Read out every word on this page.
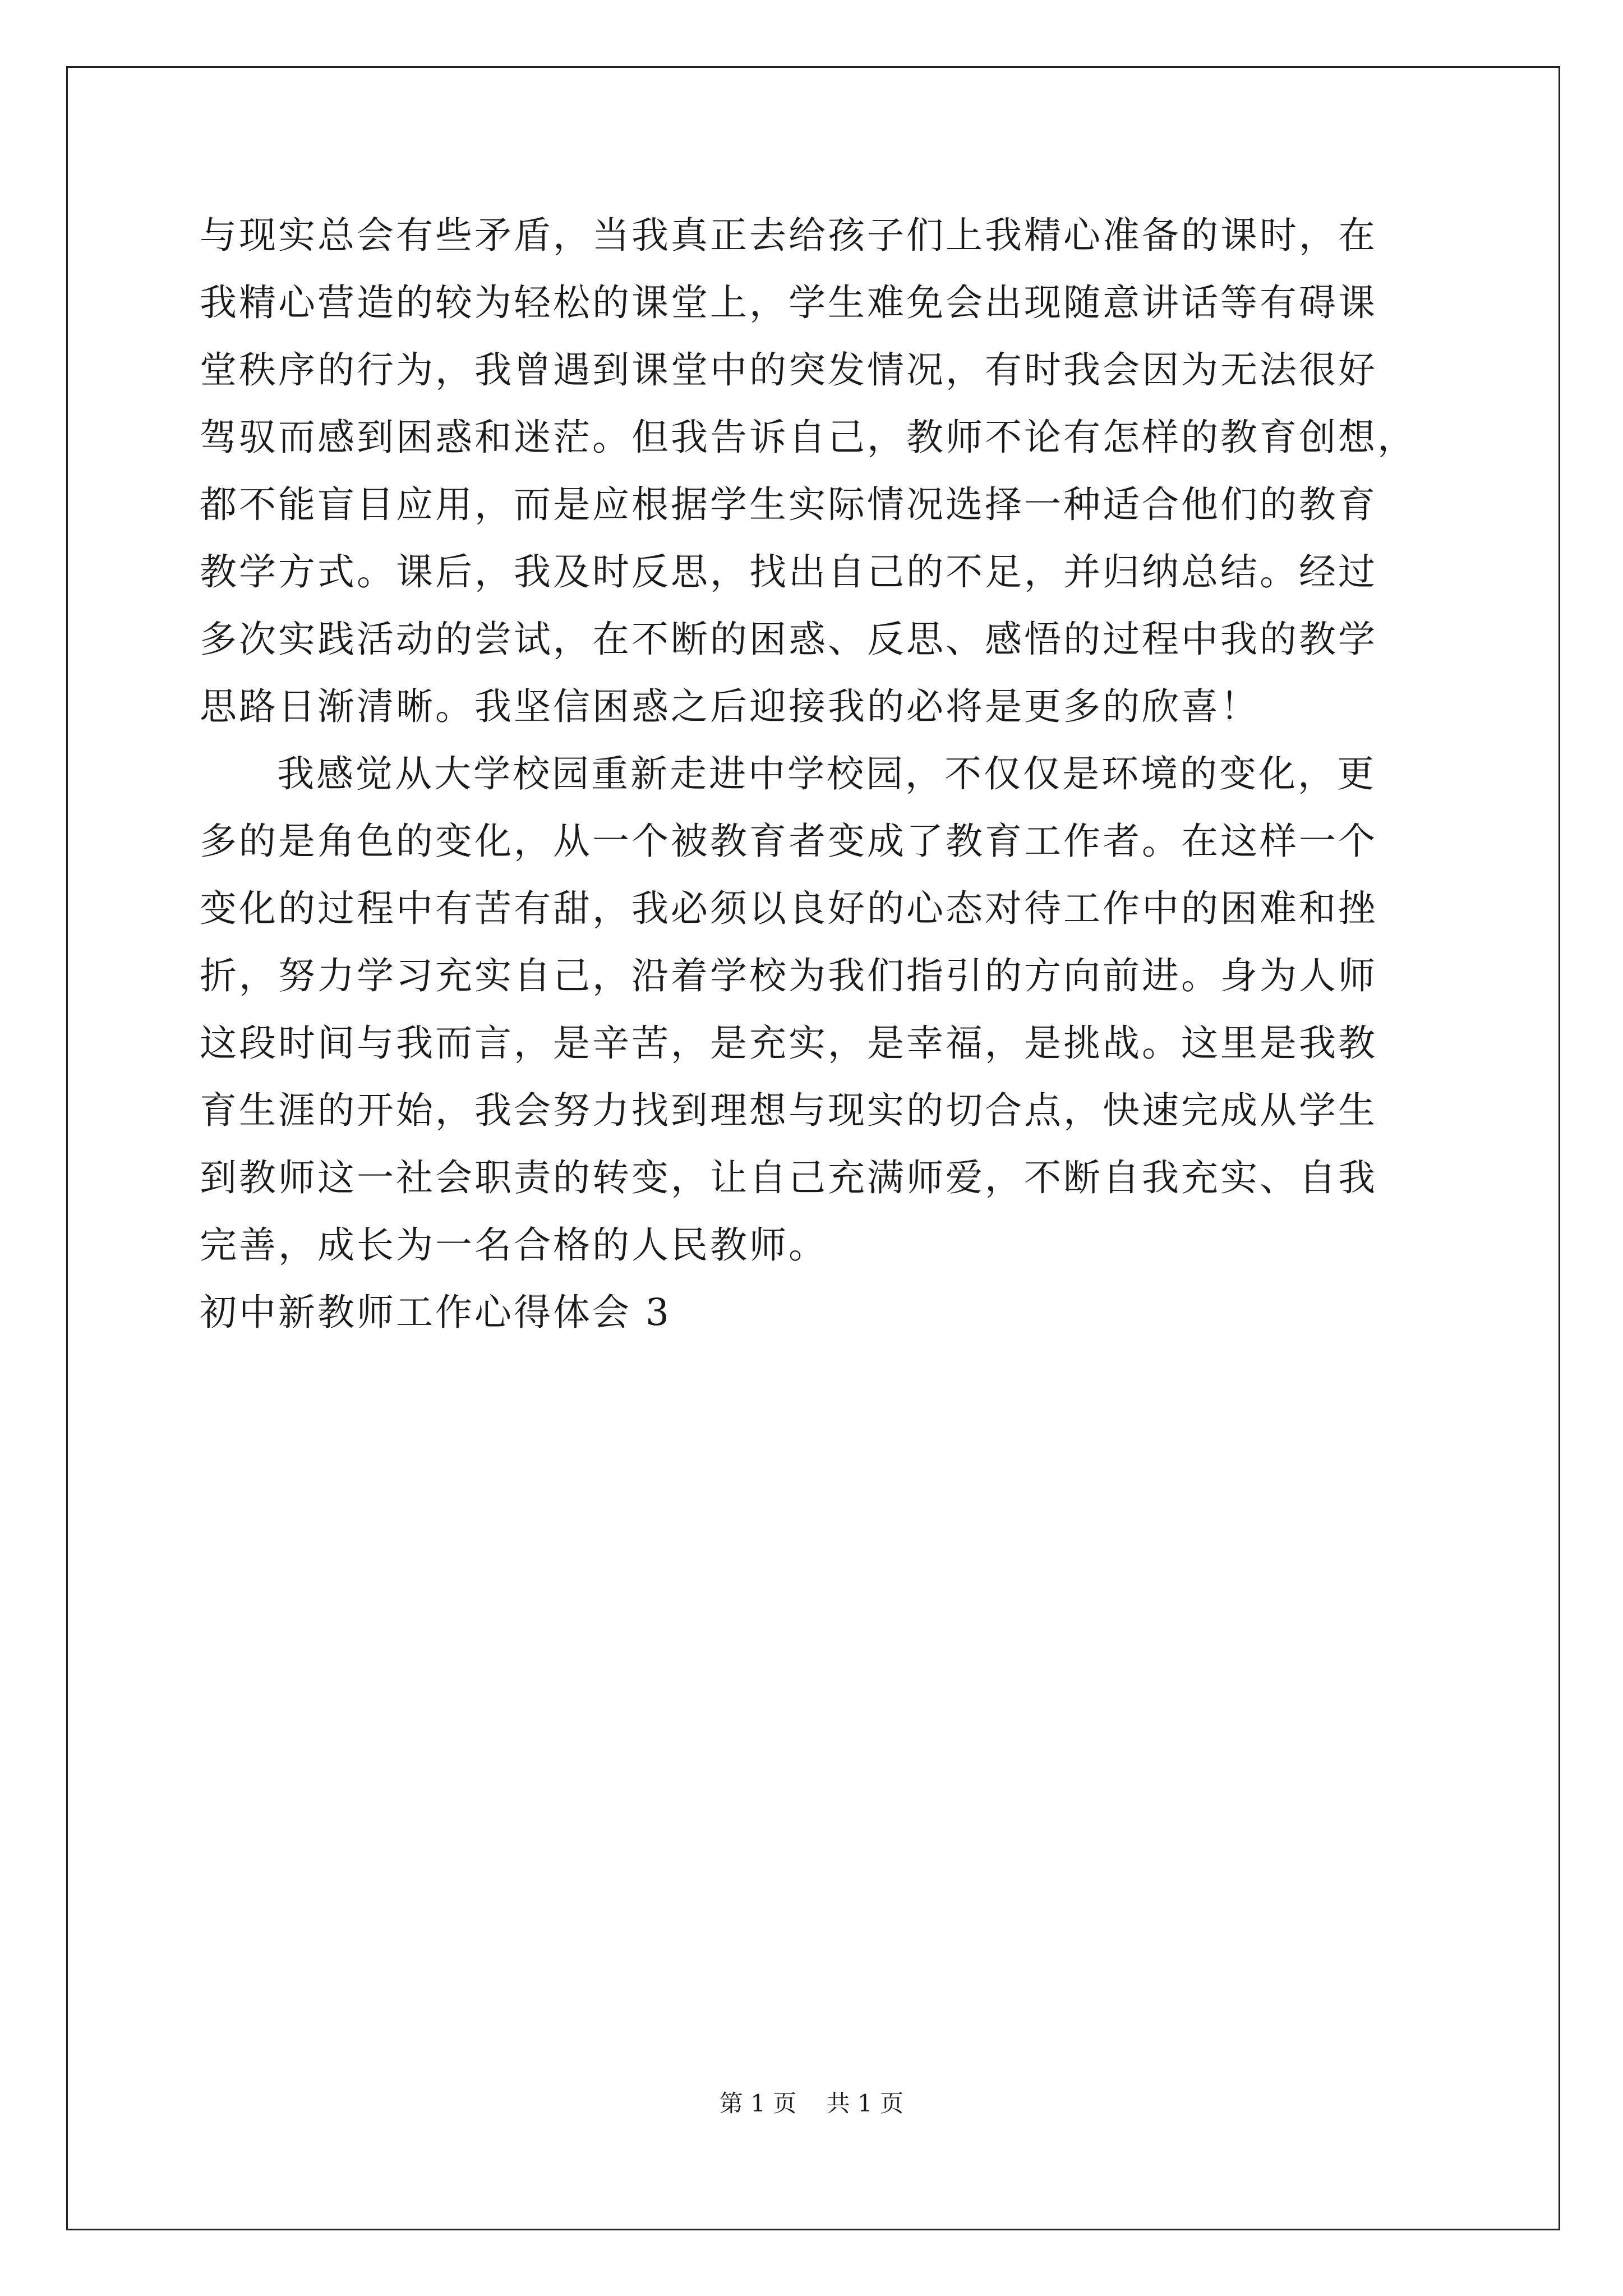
与现实总会有些矛盾，当我真正去给孩子们上我精心准备的课时，在

我精心营造的较为轻松的课堂上，学生难免会出现随意讲话等有碍课

堂秩序的行为，我曾遇到课堂中的突发情况，有时我会因为无法很好

驾驭而感到困惑和迷茫。但我告诉自己，教师不论有怎样的教育创想，

都不能盲目应用，而是应根据学生实际情况选择一种适合他们的教育

教学方式。课后，我及时反思，找出自己的不足，并归纳总结。经过

多次实践活动的尝试，在不断的困惑、反思、感悟的过程中我的教学

思路日渐清晰。我坚信困惑之后迎接我的必将是更多的欣喜！

我感觉从大学校园重新走进中学校园，不仅仅是环境的变化，更

多的是角色的变化，从一个被教育者变成了教育工作者。在这样一个

变化的过程中有苦有甜，我必须以良好的心态对待工作中的困难和挫

折，努力学习充实自己，沿着学校为我们指引的方向前进。身为人师

这段时间与我而言，是辛苦，是充实，是幸福，是挑战。这里是我教

育生涯的开始，我会努力找到理想与现实的切合点，快速完成从学生

到教师这一社会职责的转变，让自己充满师爱，不断自我充实、自我

完善，成长为一名合格的人民教师。

初中新教师工作心得体会 3

第 1 页 共 1 页
